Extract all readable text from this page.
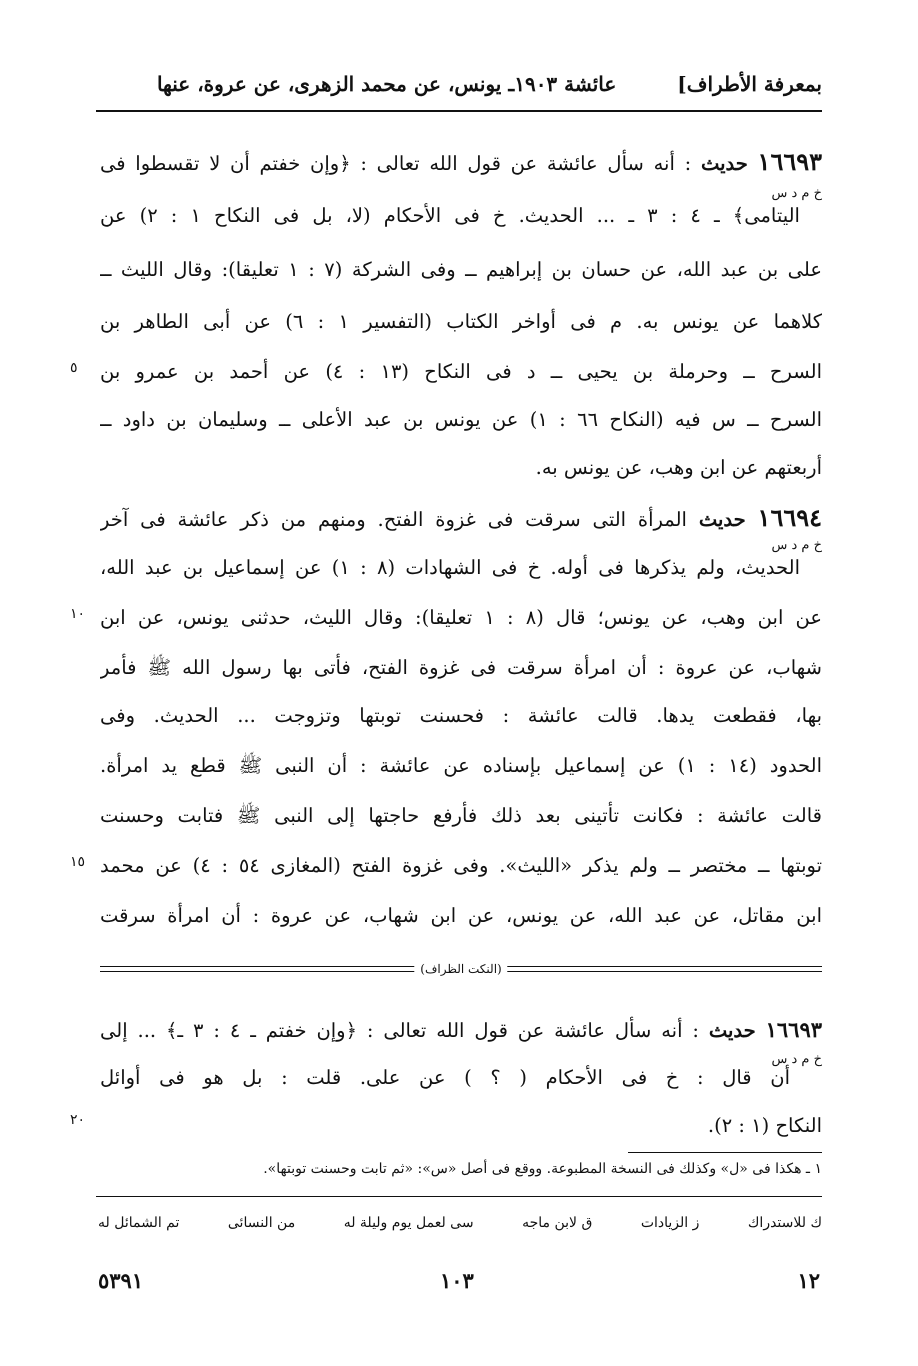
بمعرفة الأطراف]
عائشة ١٩٠٣ـ يونس، عن محمد الزهرى، عن عروة، عنها
١٦٦٩٣ حديث : أنه سأل عائشة عن قول الله تعالى : ﴿وإن خفتم أن لا تقسطوا فى
خ م د س
اليتامى﴾ ـ ٤ : ٣ ـ ... الحديث. خ فى الأحكام (لا، بل فى النكاح ١ : ٢) عن
على بن عبد الله، عن حسان بن إبراهيم ــ وفى الشركة (٧ : ١ تعليقا): وقال الليث ــ
كلاهما عن يونس به. م فى أواخر الكتاب (التفسير ١ : ٦) عن أبى الطاهر بن
السرح ــ وحرملة بن يحيى ــ د فى النكاح (١٣ : ٤) عن أحمد بن عمرو بن
٥
السرح ــ س فيه (النكاح ٦٦ : ١) عن يونس بن عبد الأعلى ــ وسليمان بن داود ــ
أربعتهم عن ابن وهب، عن يونس به.
١٦٦٩٤ حديث المرأة التى سرقت فى غزوة الفتح. ومنهم من ذكر عائشة فى آخر
خ م د س
الحديث، ولم يذكرها فى أوله. خ فى الشهادات (٨ : ١) عن إسماعيل بن عبد الله،
عن ابن وهب، عن يونس؛ قال (٨ : ١ تعليقا): وقال الليث، حدثنى يونس، عن ابن
١٠
شهاب، عن عروة : أن امرأة سرقت فى غزوة الفتح، فأتى بها رسول الله ﷺ فأمر
بها، فقطعت يدها. قالت عائشة : فحسنت توبتها وتزوجت ... الحديث. وفى
الحدود (١٤ : ١) عن إسماعيل بإسناده عن عائشة : أن النبى ﷺ قطع يد امرأة.
قالت عائشة : فكانت تأتينى بعد ذلك فأرفع حاجتها إلى النبى ﷺ فتابت وحسنت
توبتها ــ مختصر ــ ولم يذكر «الليث». وفى غزوة الفتح (المغازى ٥٤ : ٤) عن محمد
١٥
ابن مقاتل، عن عبد الله، عن يونس، عن ابن شهاب، عن عروة : أن امرأة سرقت
(النكت الظراف)
١٦٦٩٣ حديث : أنه سأل عائشة عن قول الله تعالى : ﴿وإن خفتم ـ ٤ : ٣ ـ﴾ ... إلى
خ م د س
أن قال : خ فى الأحكام ( ؟ ) عن على. قلت : بل هو فى أوائل
النكاح (١ : ٢).
٢٠
١ ـ هكذا فى «ل» وكذلك فى النسخة المطبوعة. ووقع فى أصل «س»: «ثم تابت وحسنت توبتها».
تم الشمائل له	من النسائى	سى لعمل يوم وليلة له	ق لابن ماجه	ز الزيادات	ك للاستدراك
١٢
١٠٣
٥٣٩١
